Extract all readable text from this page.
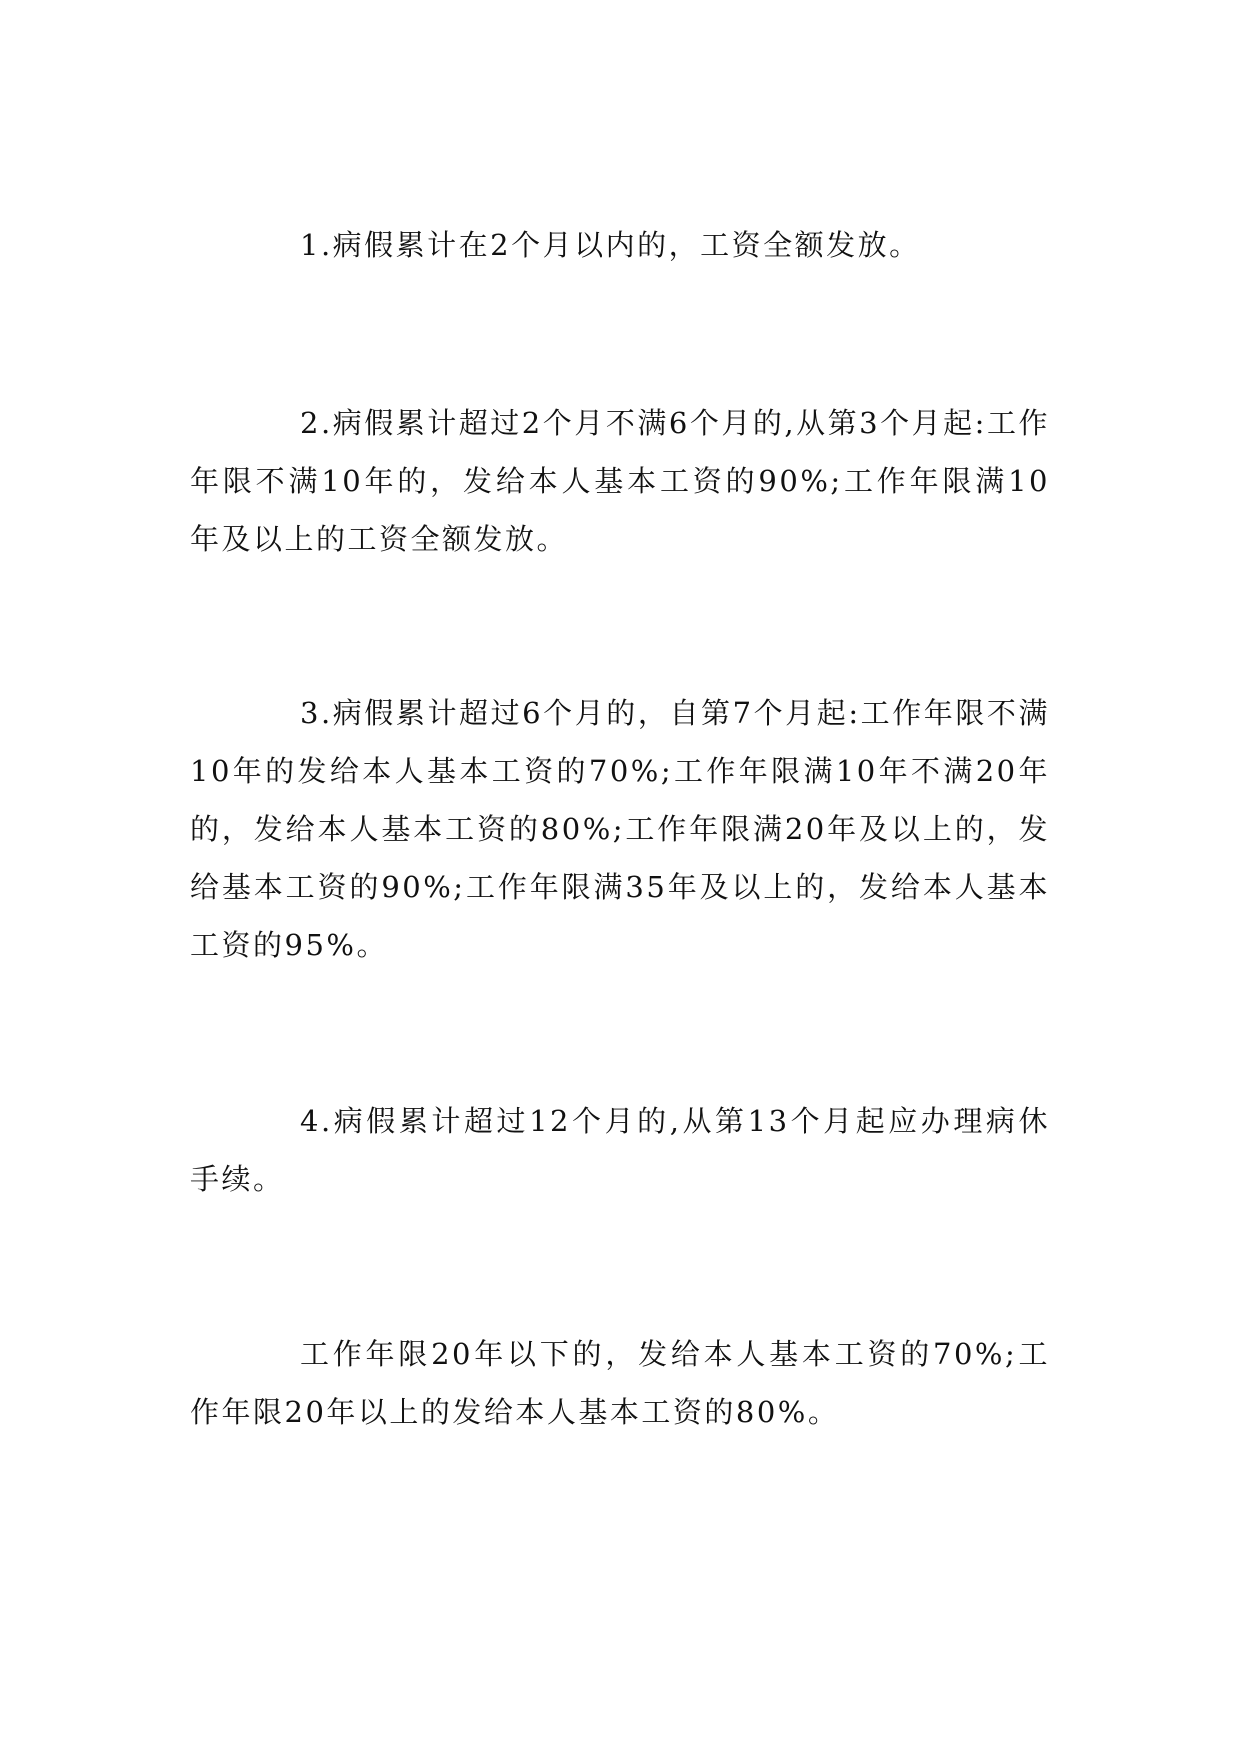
1.病假累计在2个月以内的，工资全额发放。

2.病假累计超过2个月不满6个月的,从第3个月起:工作年限不满10年的，发给本人基本工资的90%;工作年限满10年及以上的工资全额发放。

3.病假累计超过6个月的，自第7个月起:工作年限不满10年的发给本人基本工资的70%;工作年限满10年不满20年的，发给本人基本工资的80%;工作年限满20年及以上的，发给基本工资的90%;工作年限满35年及以上的，发给本人基本工资的95%。

4.病假累计超过12个月的,从第13个月起应办理病休手续。

工作年限20年以下的，发给本人基本工资的70%;工作年限20年以上的发给本人基本工资的80%。
